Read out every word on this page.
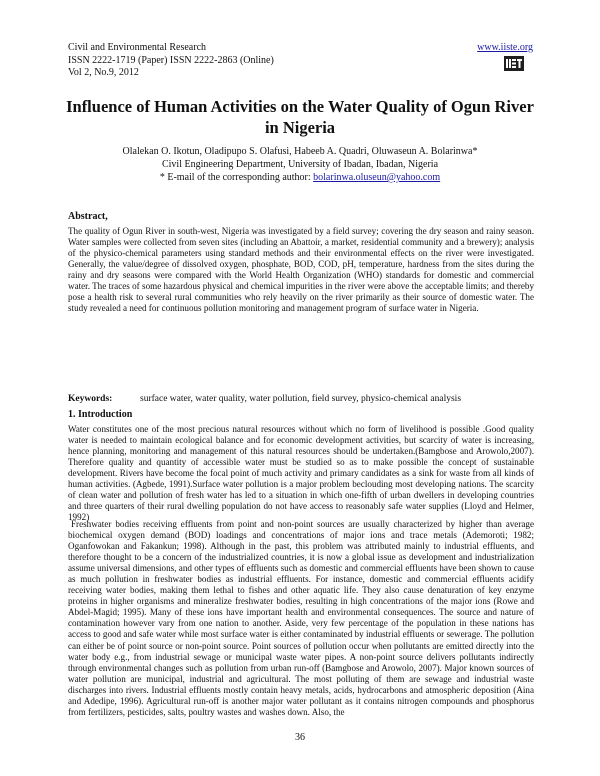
Civil and Environmental Research
ISSN 2222-1719 (Paper) ISSN 2222-2863 (Online)
Vol 2, No.9, 2012
www.iiste.org
Influence of Human Activities on the Water Quality of Ogun River in Nigeria
Olalekan O. Ikotun, Oladipupo S. Olafusi, Habeeb A. Quadri, Oluwaseun A. Bolarinwa*
Civil Engineering Department, University of Ibadan, Ibadan, Nigeria
* E-mail of the corresponding author: bolarinwa.oluseun@yahoo.com
Abstract,

The quality of Ogun River in south-west, Nigeria was investigated by a field survey; covering the dry season and rainy season. Water samples were collected from seven sites (including an Abattoir, a market, residential community and a brewery); analysis of the physico-chemical parameters using standard methods and their environmental effects on the river were investigated. Generally, the value/degree of dissolved oxygen, phosphate, BOD, COD, pH, temperature, hardness from the sites during the rainy and dry seasons were compared with the World Health Organization (WHO) standards for domestic and commercial water. The traces of some hazardous physical and chemical impurities in the river were above the acceptable limits; and thereby pose a health risk to several rural communities who rely heavily on the river primarily as their source of domestic water. The study revealed a need for continuous pollution monitoring and management program of surface water in Nigeria.

Keywords:	surface water, water quality, water pollution, field survey, physico-chemical analysis
1. Introduction

Water constitutes one of the most precious natural resources without which no form of livelihood is possible .Good quality water is needed to maintain ecological balance and for economic development activities, but scarcity of water is increasing, hence planning, monitoring and management of this natural resources should be undertaken.(Bamgbose and Arowolo,2007). Therefore quality and quantity of accessible water must be studied so as to make possible the concept of sustainable development. Rivers have become the focal point of much activity and primary candidates as a sink for waste from all kinds of human activities. (Agbede, 1991).Surface water pollution is a major problem beclouding most developing nations. The scarcity of clean water and pollution of fresh water has led to a situation in which one-fifth of urban dwellers in developing countries and three quarters of their rural dwelling population do not have access to reasonably safe water supplies (Lloyd and Helmer, 1992)

Freshwater bodies receiving effluents from point and non-point sources are usually characterized by higher than average biochemical oxygen demand (BOD) loadings and concentrations of major ions and trace metals (Ademoroti; 1982; Oganfowokan and Fakankun; 1998). Although in the past, this problem was attributed mainly to industrial effluents, and therefore thought to be a concern of the industrialized countries, it is now a global issue as development and industrialization assume universal dimensions, and other types of effluents such as domestic and commercial effluents have been shown to cause as much pollution in freshwater bodies as industrial effluents. For instance, domestic and commercial effluents acidify receiving water bodies, making them lethal to fishes and other aquatic life. They also cause denaturation of key enzyme proteins in higher organisms and mineralize freshwater bodies, resulting in high concentrations of the major ions (Rowe and Abdel-Magid; 1995). Many of these ions have important health and environmental consequences. The source and nature of contamination however vary from one nation to another. Aside, very few percentage of the population in these nations has access to good and safe water while most surface water is either contaminated by industrial effluents or sewerage. The pollution can either be of point source or non-point source. Point sources of pollution occur when pollutants are emitted directly into the water body e.g., from industrial sewage or municipal waste water pipes. A non-point source delivers pollutants indirectly through environmental changes such as pollution from urban run-off (Bamgbose and Arowolo, 2007). Major known sources of water pollution are municipal, industrial and agricultural. The most polluting of them are sewage and industrial waste discharges into rivers. Industrial effluents mostly contain heavy metals, acids, hydrocarbons and atmospheric deposition (Aina and Adedipe, 1996). Agricultural run-off is another major water pollutant as it contains nitrogen compounds and phosphorus from fertilizers, pesticides, salts, poultry wastes and washes down. Also, the

36
